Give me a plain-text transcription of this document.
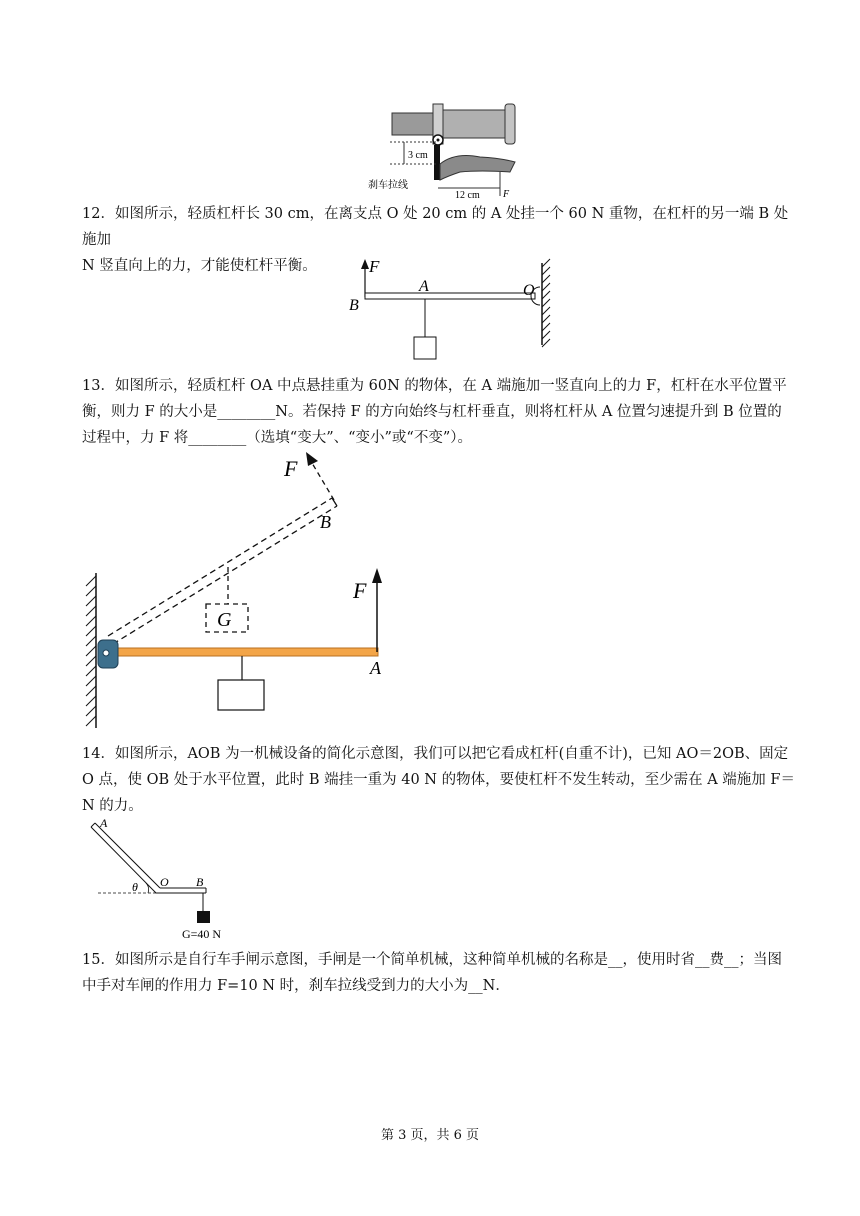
3 cm
12 cm F
刹车拉线

12．如图所示，轻质杠杆长 30 cm，在离支点 O 处 20 cm 的 A 处挂一个 60 N 重物，在杠杆的另一端 B 处施加

N 竖直向上的力，才能使杠杆平衡。	F
B
A	O

13．如图所示，轻质杠杆 OA 中点悬挂重为 60N 的物体，在 A 端施加一竖直向上的力 F，杠杆在水平位置平

衡，则力 F 的大小是________N。若保持 F 的方向始终与杠杆垂直，则将杠杆从 A 位置匀速提升到 B 位置的

过程中，力 F 将________（选填“变大”、“变小”或“不变”）。

F
B
G
F
A

14．如图所示，AOB 为一机械设备的简化示意图，我们可以把它看成杠杆(自重不计)，已知 AO＝2OB、固定

O 点，使 OB 处于水平位置，此时 B 端挂一重为 40 N 的物体，要使杠杆不发生转动，至少需在 A 端施加 F＝

N 的力。

A
θ O B
G=40 N

15．如图所示是自行车手闸示意图，手闸是一个简单机械，这种简单机械的名称是__，使用时省__费__；当图

中手对车闸的作用力 F=10 N 时，刹车拉线受到力的大小为__N．

第 3 页，共 6 页
